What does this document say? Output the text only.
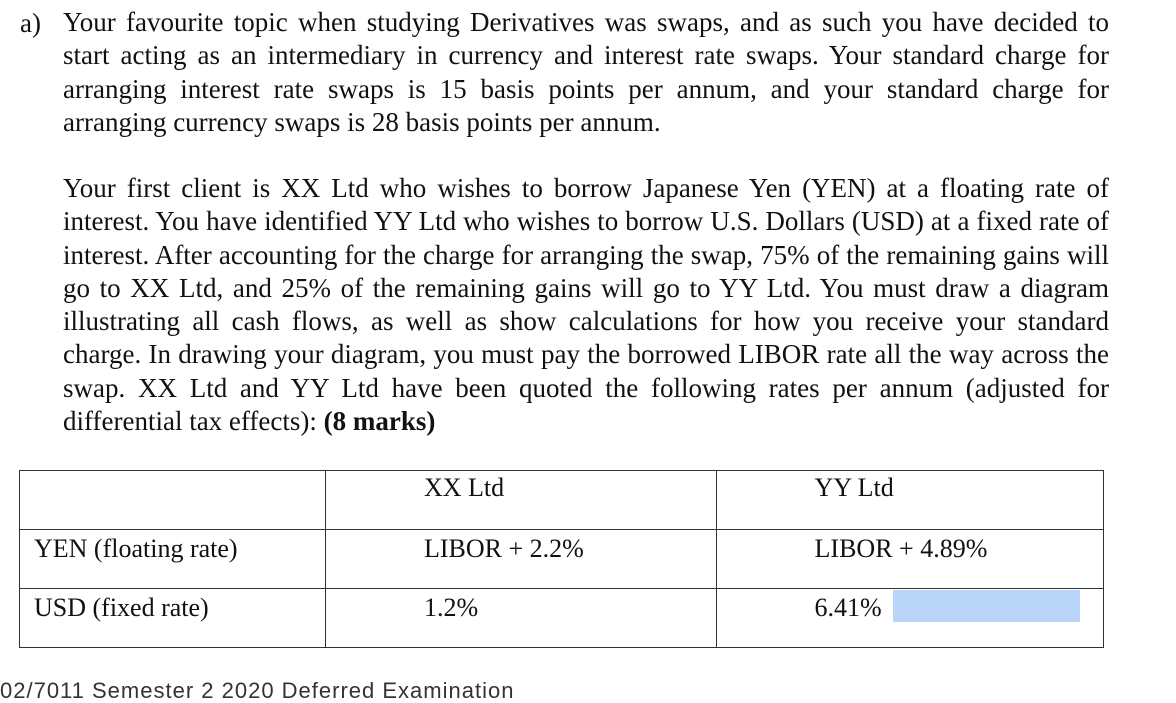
a) Your favourite topic when studying Derivatives was swaps, and as such you have decided to start acting as an intermediary in currency and interest rate swaps. Your standard charge for arranging interest rate swaps is 15 basis points per annum, and your standard charge for arranging currency swaps is 28 basis points per annum.
Your first client is XX Ltd who wishes to borrow Japanese Yen (YEN) at a floating rate of interest. You have identified YY Ltd who wishes to borrow U.S. Dollars (USD) at a fixed rate of interest. After accounting for the charge for arranging the swap, 75% of the remaining gains will go to XX Ltd, and 25% of the remaining gains will go to YY Ltd. You must draw a diagram illustrating all cash flows, as well as show calculations for how you receive your standard charge. In drawing your diagram, you must pay the borrowed LIBOR rate all the way across the swap. XX Ltd and YY Ltd have been quoted the following rates per annum (adjusted for differential tax effects): (8 marks)
	XX Ltd	YY Ltd
YEN (floating rate)	LIBOR + 2.2%	LIBOR + 4.89%
USD (fixed rate)	1.2%	6.41%
02/7011 Semester 2 2020 Deferred Examination
